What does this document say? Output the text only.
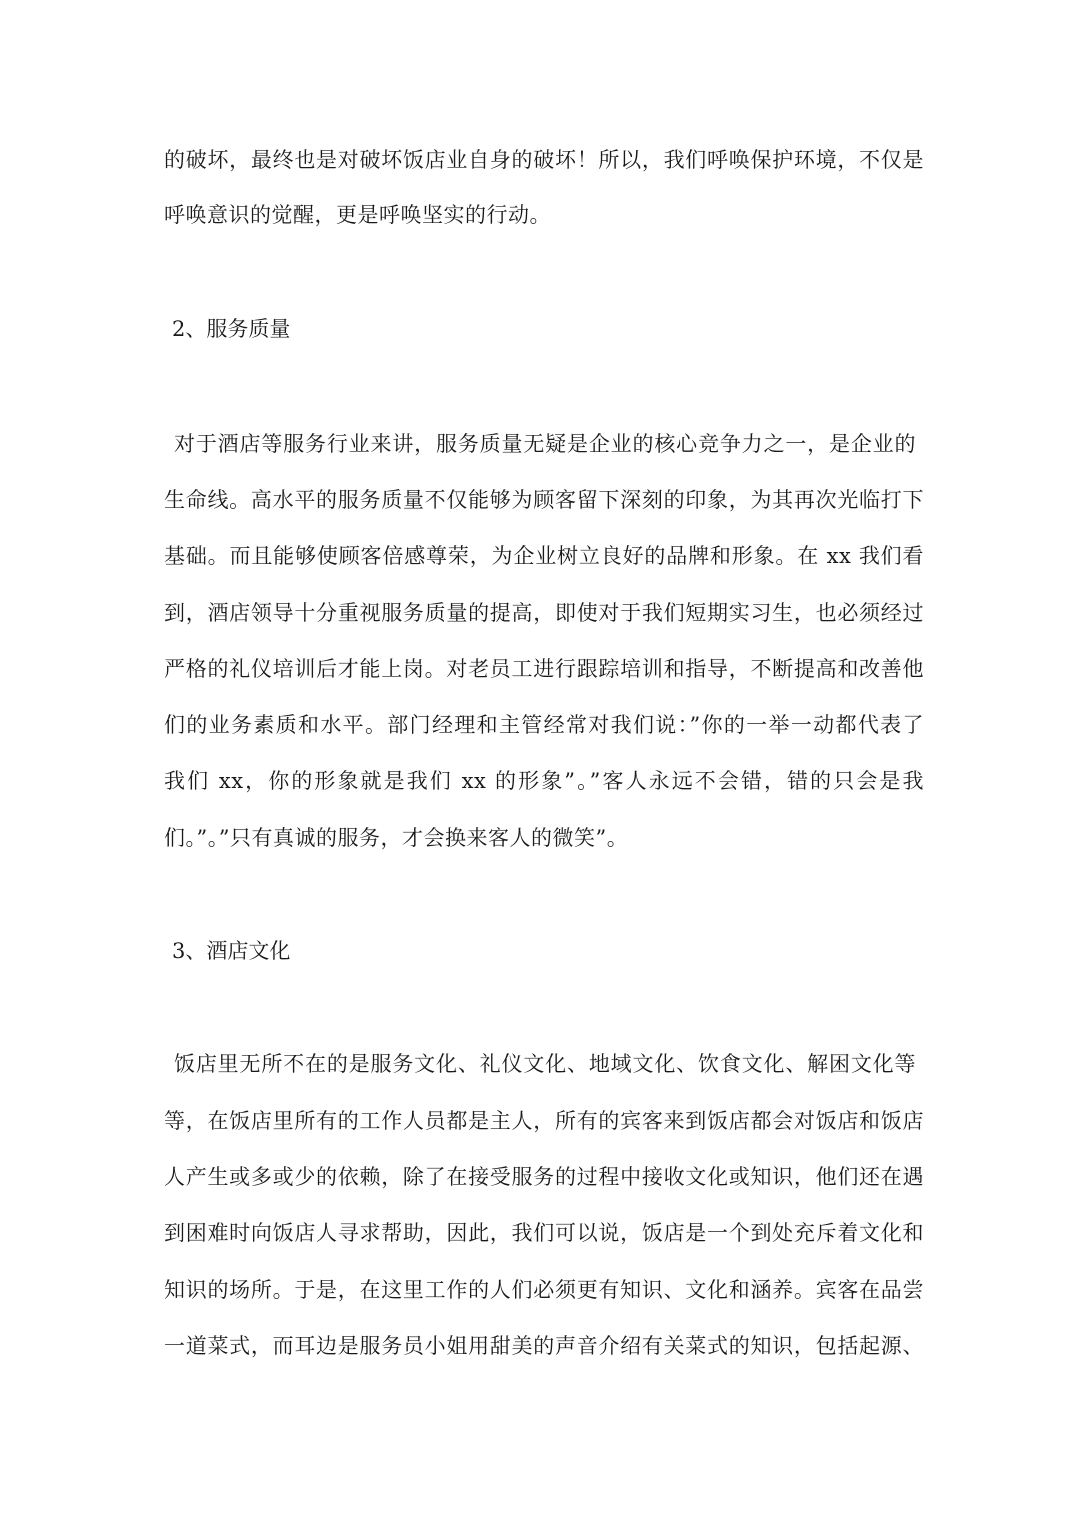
的破坏，最终也是对破坏饭店业自身的破坏！所以，我们呼唤保护环境，不仅是
呼唤意识的觉醒，更是呼唤坚实的行动。
2、服务质量
对于酒店等服务行业来讲，服务质量无疑是企业的核心竞争力之一，是企业的
生命线。高水平的服务质量不仅能够为顾客留下深刻的印象，为其再次光临打下
基础。而且能够使顾客倍感尊荣，为企业树立良好的品牌和形象。在 xx 我们看
到，酒店领导十分重视服务质量的提高，即使对于我们短期实习生，也必须经过
严格的礼仪培训后才能上岗。对老员工进行跟踪培训和指导，不断提高和改善他
们的业务素质和水平。部门经理和主管经常对我们说：”你的一举一动都代表了
我们 xx，你的形象就是我们 xx 的形象”。”客人永远不会错，错的只会是我
们。”。”只有真诚的服务，才会换来客人的微笑”。
3、酒店文化
饭店里无所不在的是服务文化、礼仪文化、地域文化、饮食文化、解困文化等
等，在饭店里所有的工作人员都是主人，所有的宾客来到饭店都会对饭店和饭店
人产生或多或少的依赖，除了在接受服务的过程中接收文化或知识，他们还在遇
到困难时向饭店人寻求帮助，因此，我们可以说，饭店是一个到处充斥着文化和
知识的场所。于是，在这里工作的人们必须更有知识、文化和涵养。宾客在品尝
一道菜式，而耳边是服务员小姐用甜美的声音介绍有关菜式的知识，包括起源、
